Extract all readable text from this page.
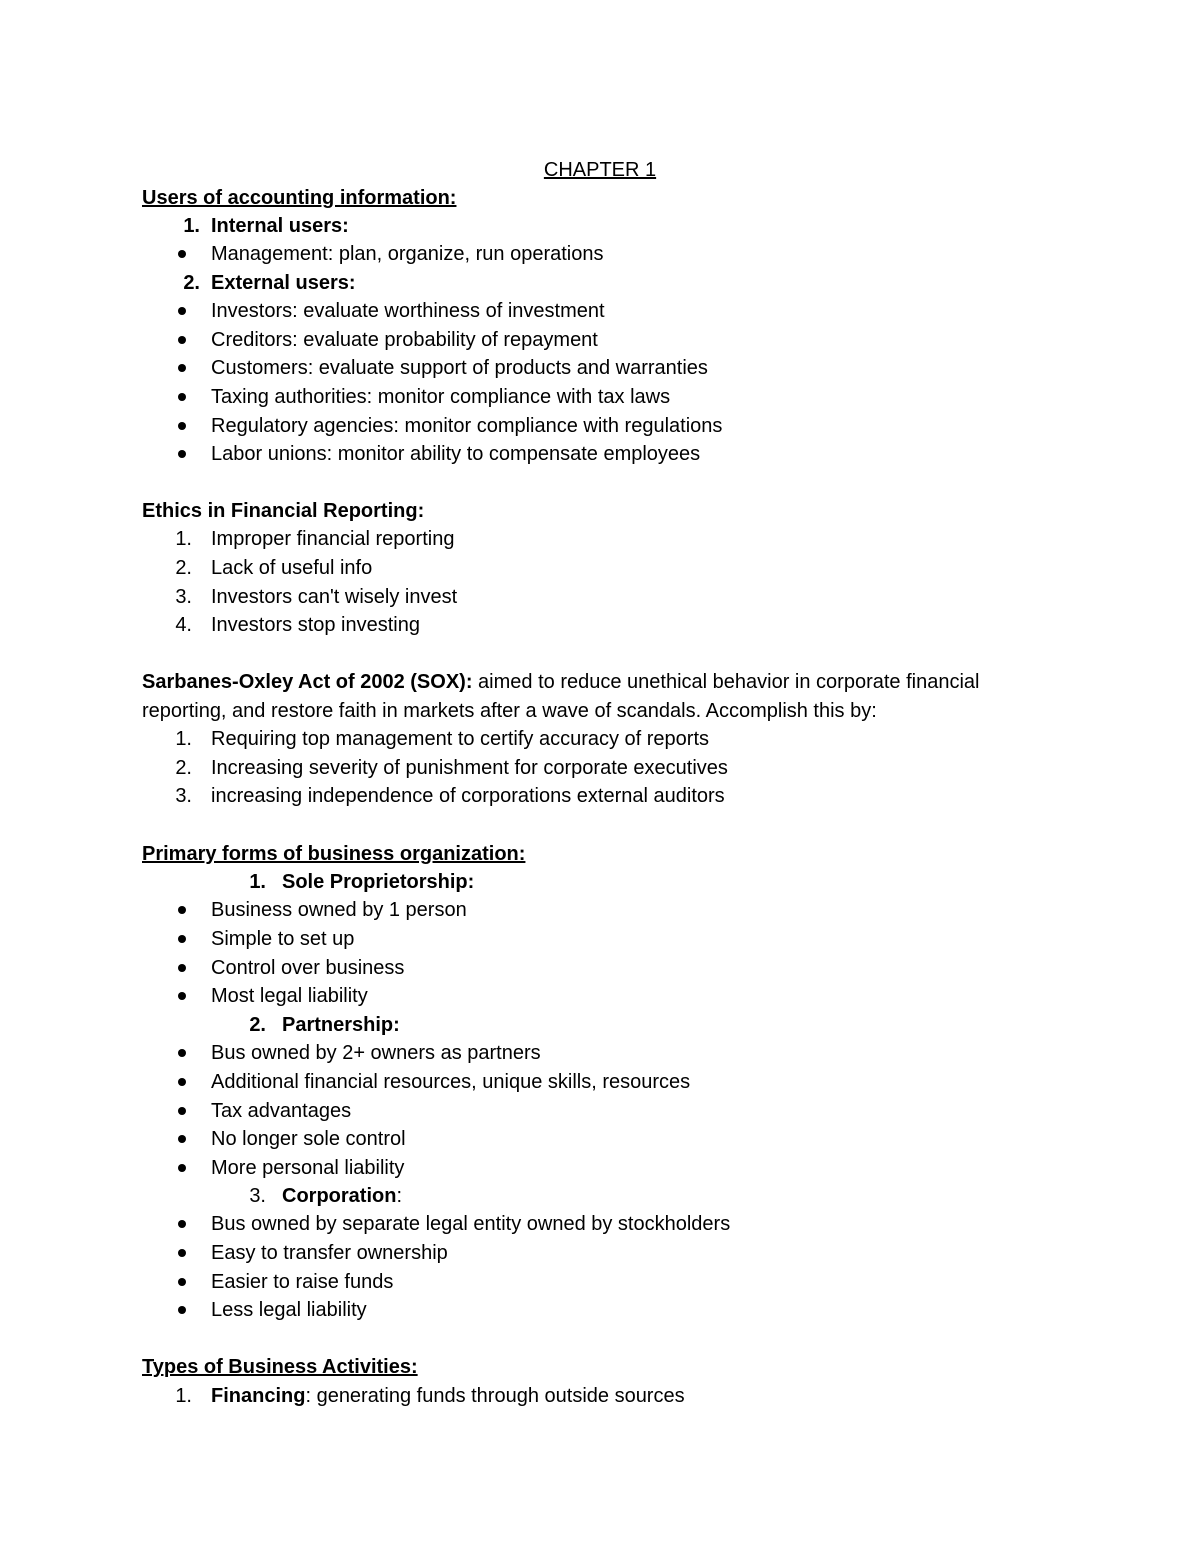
CHAPTER 1
Users of accounting information:
1. Internal users:
Management: plan, organize, run operations
2. External users:
Investors: evaluate worthiness of investment
Creditors: evaluate probability of repayment
Customers: evaluate support of products and warranties
Taxing authorities: monitor compliance with tax laws
Regulatory agencies: monitor compliance with regulations
Labor unions: monitor ability to compensate employees
Ethics in Financial Reporting:
1. Improper financial reporting
2. Lack of useful info
3. Investors can't wisely invest
4. Investors stop investing
Sarbanes-Oxley Act of 2002 (SOX): aimed to reduce unethical behavior in corporate financial
reporting, and restore faith in markets after a wave of scandals. Accomplish this by:
1. Requiring top management to certify accuracy of reports
2. Increasing severity of punishment for corporate executives
3. increasing independence of corporations external auditors
Primary forms of business organization:
1. Sole Proprietorship:
Business owned by 1 person
Simple to set up
Control over business
Most legal liability
2. Partnership:
Bus owned by 2+ owners as partners
Additional financial resources, unique skills, resources
Tax advantages
No longer sole control
More personal liability
3. Corporation:
Bus owned by separate legal entity owned by stockholders
Easy to transfer ownership
Easier to raise funds
Less legal liability
Types of Business Activities:
1. Financing: generating funds through outside sources
